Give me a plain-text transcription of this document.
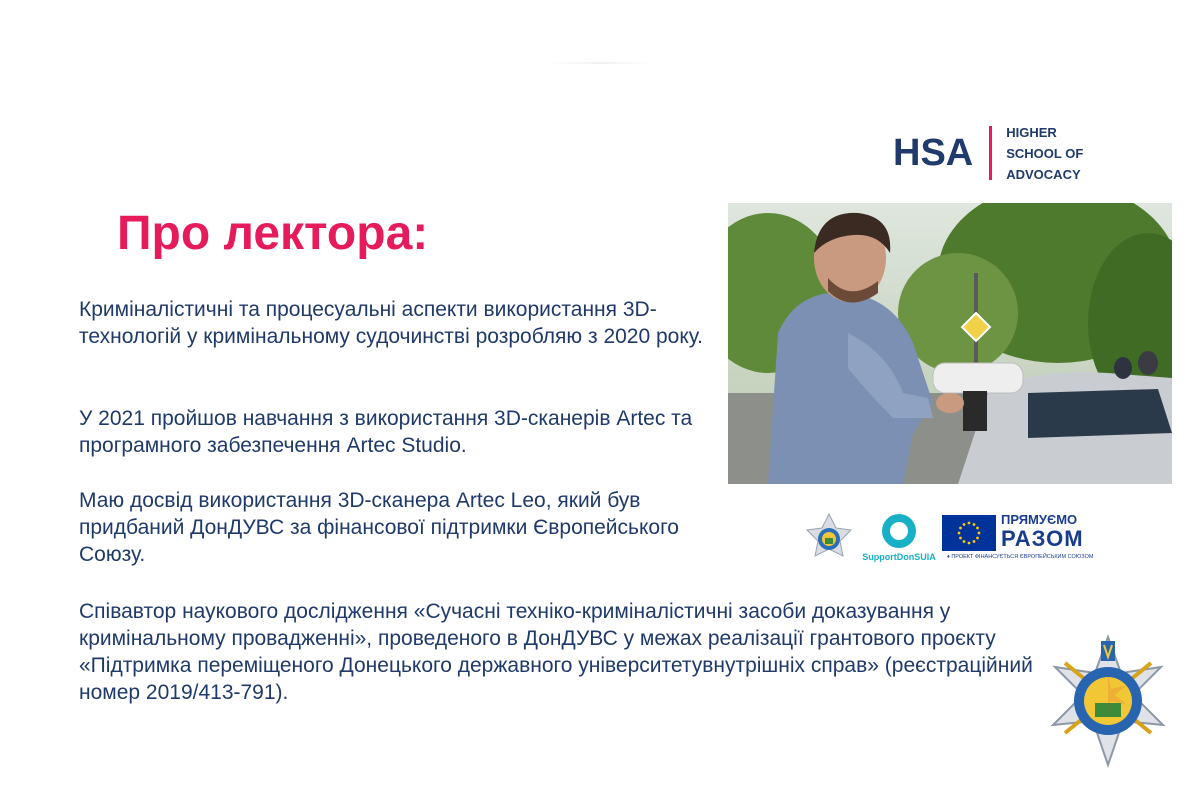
HSA	HIGHER
SCHOOL OF
ADVOCACY
Про лектора:

Криміналістичні та процесуальні аспекти використання 3D-технологій у кримінальному судочинстві розробляю з 2020 року.

У 2021 пройшов навчання з використання 3D-сканерів Artec та програмного забезпечення Artec Studio.

Маю досвід використання 3D-сканера Artec Leo, який був придбаний ДонДУВС за фінансової підтримки Європейського Союзу.

Співавтор наукового дослідження «Сучасні техніко-криміналістичні засоби доказування у кримінальному провадженні», проведеного в ДонДУВС у межах реалізації грантового проєкту «Підтримка переміщеного Донецького державного університетувнутрішніх справ» (реєстраційний номер 2019/413-791).

SupportDonSUIA
ПРЯМУЄМО
РАЗОМ
♦ ПРОЕКТ ФІНАНСУЄТЬСЯ ЄВРОПЕЙСЬКИМ СОЮЗОМ
